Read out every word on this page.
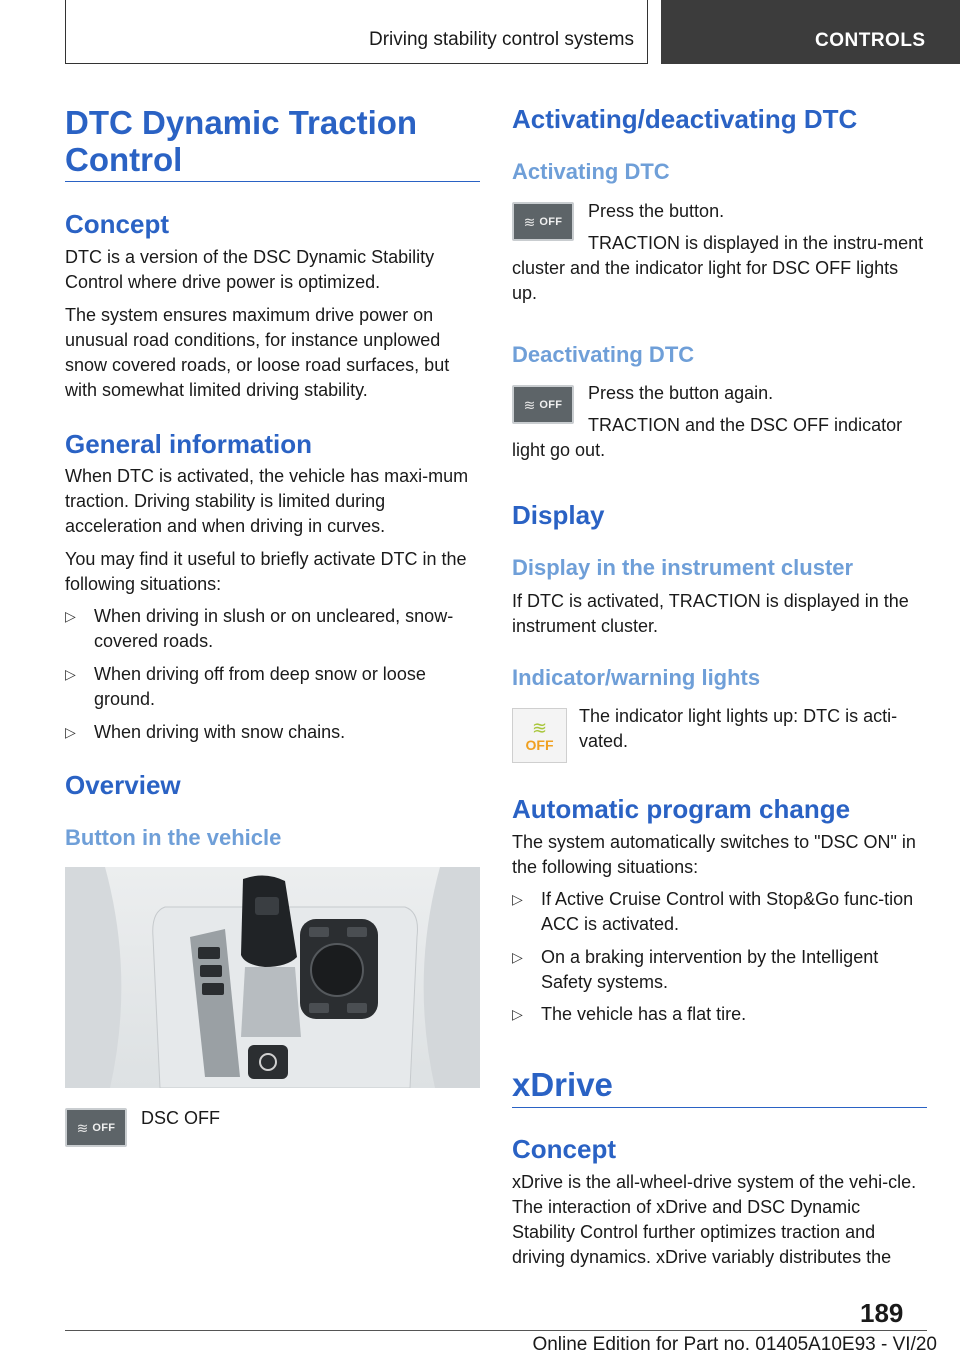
Driving stability control systems	CONTROLS
DTC Dynamic Traction
Control
Concept

DTC is a version of the DSC Dynamic Stability Control where drive power is optimized.

The system ensures maximum drive power on unusual road conditions, for instance unplowed snow covered roads, or loose road surfaces, but with somewhat limited driving stability.

General information

When DTC is activated, the vehicle has maxi-mum traction. Driving stability is limited during acceleration and when driving in curves.

You may find it useful to briefly activate DTC in the following situations:

▷	When driving in slush or on uncleared, snow-covered roads.
▷	When driving off from deep snow or loose ground.
▷	When driving with snow chains.
Overview
Button in the vehicle
≋ OFF DSC OFF

Activating/deactivating DTC
Activating DTC
≋ OFF

Press the button.

TRACTION is displayed in the instru-ment cluster and the indicator light for DSC OFF lights up.

Deactivating DTC
≋ OFF

Press the button again.

TRACTION and the DSC OFF indicator light go out.

Display
Display in the instrument cluster

If DTC is activated, TRACTION is displayed in the instrument cluster.

Indicator/warning lights
≋
OFF

The indicator light lights up: DTC is acti-vated.

Automatic program change

The system automatically switches to "DSC ON" in the following situations:

▷	If Active Cruise Control with Stop&Go func-tion ACC is activated.
▷	On a braking intervention by the Intelligent Safety systems.
▷	The vehicle has a flat tire.
xDrive
Concept

xDrive is the all-wheel-drive system of the vehi-cle. The interaction of xDrive and DSC Dynamic Stability Control further optimizes traction and driving dynamics. xDrive variably distributes the

189
Online Edition for Part no. 01405A10E93 - VI/20
